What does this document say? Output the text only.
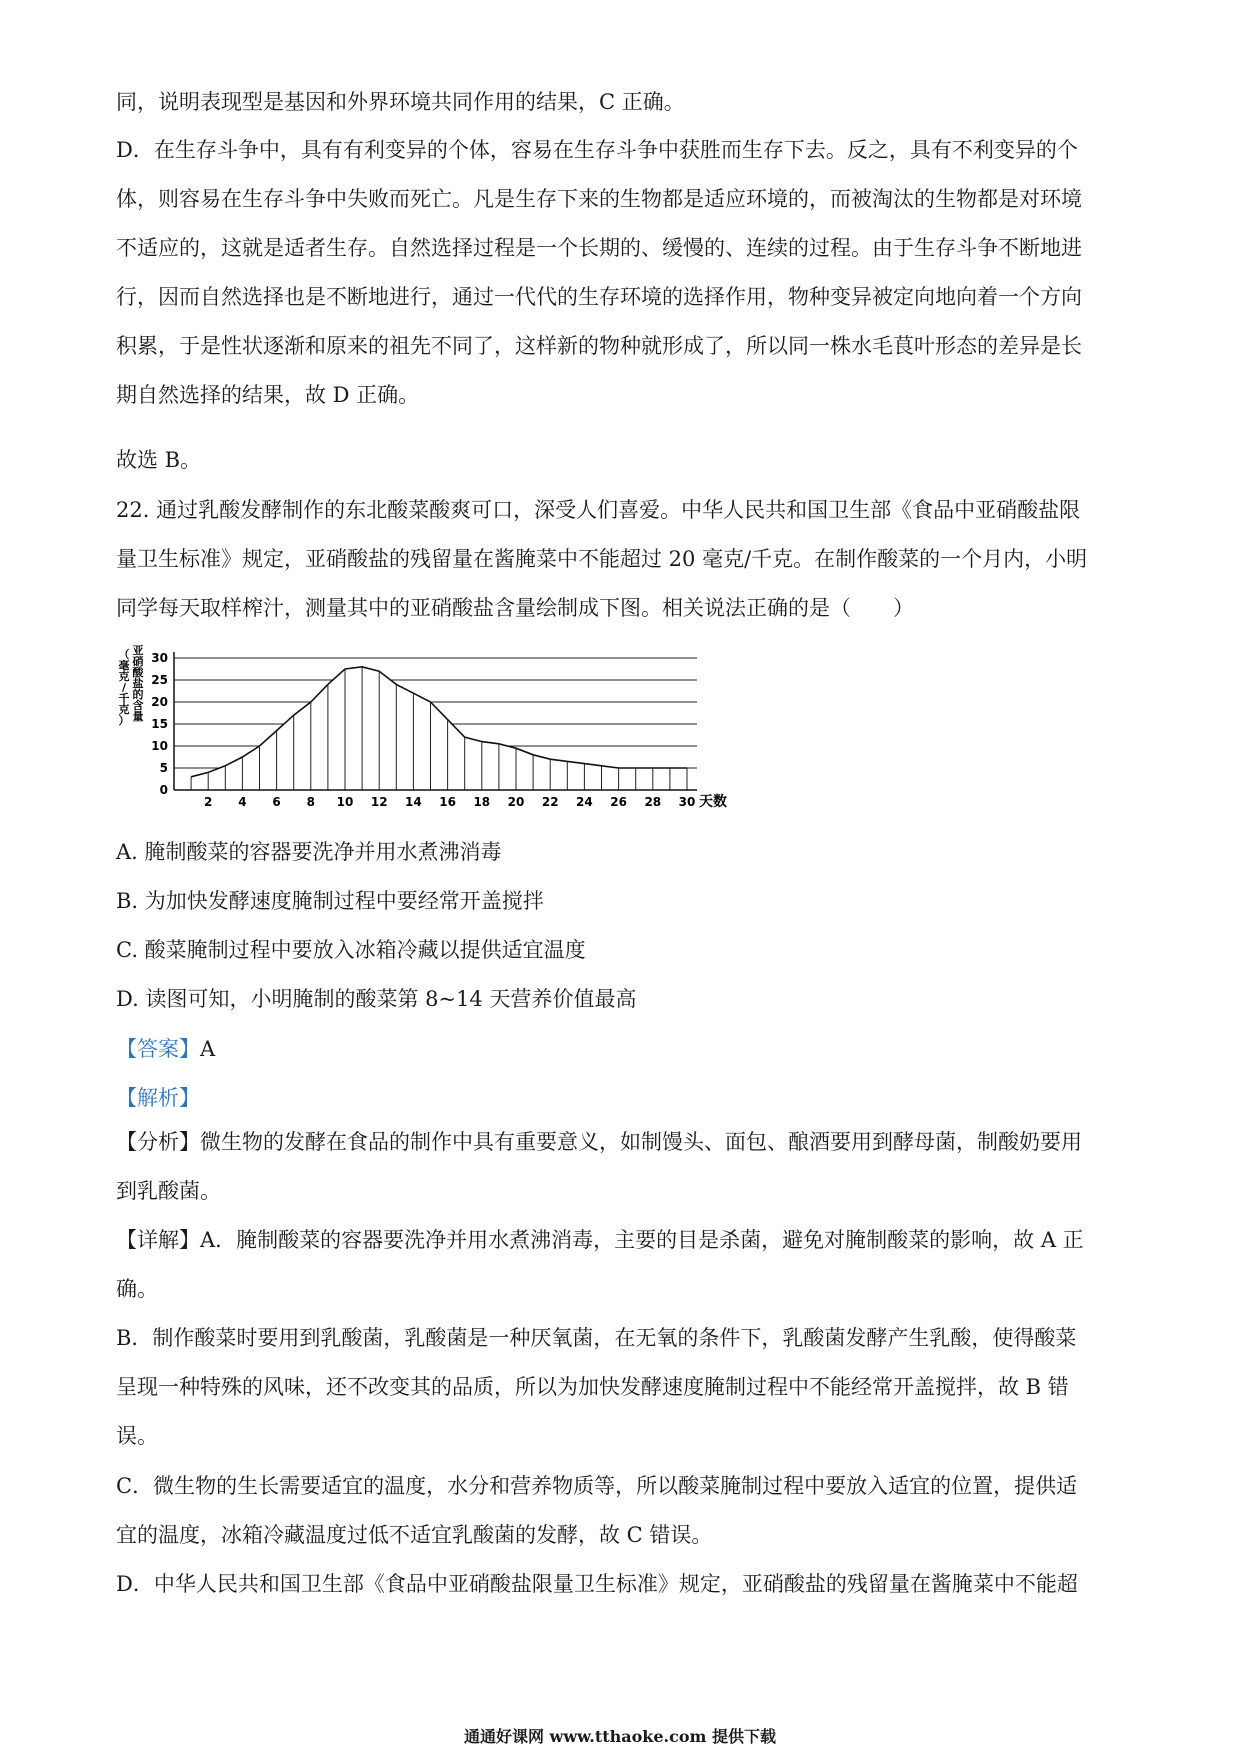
同，说明表现型是基因和外界环境共同作用的结果，C 正确。
D．在生存斗争中，具有有利变异的个体，容易在生存斗争中获胜而生存下去。反之，具有不利变异的个
体，则容易在生存斗争中失败而死亡。凡是生存下来的生物都是适应环境的，而被淘汰的生物都是对环境
不适应的，这就是适者生存。自然选择过程是一个长期的、缓慢的、连续的过程。由于生存斗争不断地进
行，因而自然选择也是不断地进行，通过一代代的生存环境的选择作用，物种变异被定向地向着一个方向
积累，于是性状逐渐和原来的祖先不同了，这样新的物种就形成了，所以同一株水毛茛叶形态的差异是长
期自然选择的结果，故 D 正确。
故选 B。
22. 通过乳酸发酵制作的东北酸菜酸爽可口，深受人们喜爱。中华人民共和国卫生部《食品中亚硝酸盐限
量卫生标准》规定，亚硝酸盐的残留量在酱腌菜中不能超过 20 毫克/千克。在制作酸菜的一个月内，小明
同学每天取样榨汁，测量其中的亚硝酸盐含量绘制成下图。相关说法正确的是（　　）
0
5
10
15
20
25
30
2 4 6 8 10 12 14 16 18 20 22 24 26 28 30 天数
亚
硝
酸
盐
的
含
量
（
毫
克
/
千
克
）
A. 腌制酸菜的容器要洗净并用水煮沸消毒
B. 为加快发酵速度腌制过程中要经常开盖搅拌
C. 酸菜腌制过程中要放入冰箱冷藏以提供适宜温度
D. 读图可知，小明腌制的酸菜第 8~14 天营养价值最高
【答案】A
【解析】
【分析】微生物的发酵在食品的制作中具有重要意义，如制馒头、面包、酿酒要用到酵母菌，制酸奶要用
到乳酸菌。
【详解】A．腌制酸菜的容器要洗净并用水煮沸消毒，主要的目是杀菌，避免对腌制酸菜的影响，故 A 正
确。
B．制作酸菜时要用到乳酸菌，乳酸菌是一种厌氧菌，在无氧的条件下，乳酸菌发酵产生乳酸，使得酸菜
呈现一种特殊的风味，还不改变其的品质，所以为加快发酵速度腌制过程中不能经常开盖搅拌，故 B 错
误。
C．微生物的生长需要适宜的温度，水分和营养物质等，所以酸菜腌制过程中要放入适宜的位置，提供适
宜的温度，冰箱冷藏温度过低不适宜乳酸菌的发酵，故 C 错误。
D．中华人民共和国卫生部《食品中亚硝酸盐限量卫生标准》规定，亚硝酸盐的残留量在酱腌菜中不能超
通通好课网 www.tthaoke.com 提供下载
